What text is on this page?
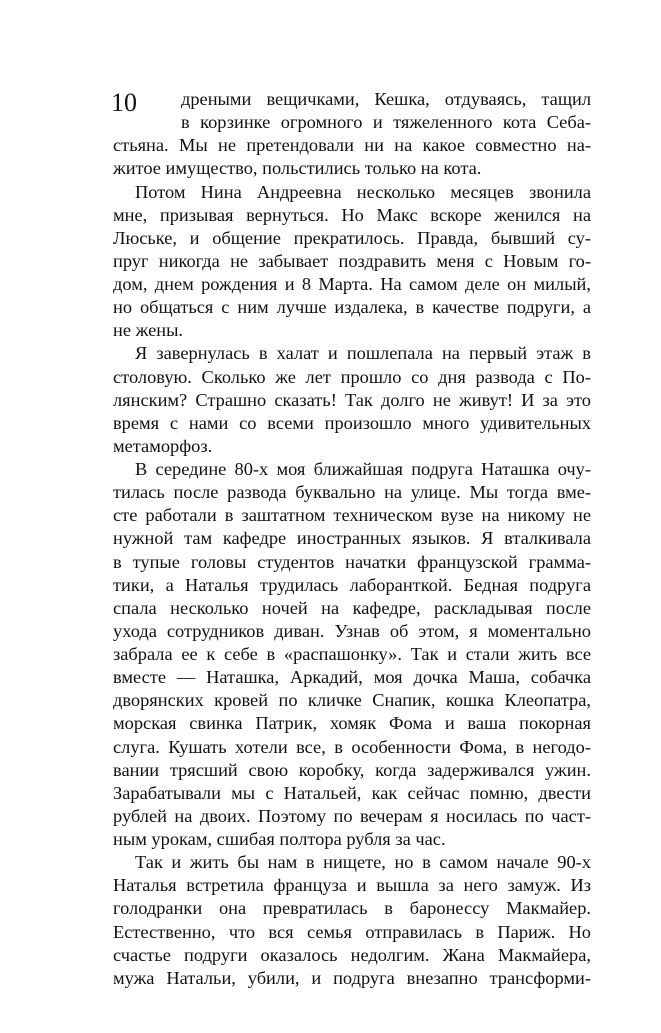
10	дреными вещичками, Кешка, отдуваясь, тащил
в корзинке огромного и тяжеленного кота Себа-
стьяна. Мы не претендовали ни на какое совместно на-
житое имущество, польстились только на кота.
Потом Нина Андреевна несколько месяцев звонила
мне, призывая вернуться. Но Макс вскоре женился на
Люське, и общение прекратилось. Правда, бывший су-
пруг никогда не забывает поздравить меня с Новым го-
дом, днем рождения и 8 Марта. На самом деле он милый,
но общаться с ним лучше издалека, в качестве подруги, а
не жены.
Я завернулась в халат и пошлепала на первый этаж в
столовую. Сколько же лет прошло со дня развода с По-
лянским? Страшно сказать! Так долго не живут! И за это
время с нами со всеми произошло много удивительных
метаморфоз.
В середине 80-х моя ближайшая подруга Наташка очу-
тилась после развода буквально на улице. Мы тогда вме-
сте работали в заштатном техническом вузе на никому не
нужной там кафедре иностранных языков. Я вталкивала
в тупые головы студентов начатки французской грамма-
тики, а Наталья трудилась лаборанткой. Бедная подруга
спала несколько ночей на кафедре, раскладывая после
ухода сотрудников диван. Узнав об этом, я моментально
забрала ее к себе в «распашонку». Так и стали жить все
вместе — Наташка, Аркадий, моя дочка Маша, собачка
дворянских кровей по кличке Снапик, кошка Клеопатра,
морская свинка Патрик, хомяк Фома и ваша покорная
слуга. Кушать хотели все, в особенности Фома, в негодо-
вании трясший свою коробку, когда задерживался ужин.
Зарабатывали мы с Натальей, как сейчас помню, двести
рублей на двоих. Поэтому по вечерам я носилась по част-
ным урокам, сшибая полтора рубля за час.
Так и жить бы нам в нищете, но в самом начале 90-х
Наталья встретила француза и вышла за него замуж. Из
голодранки она превратилась в баронессу Макмайер.
Естественно, что вся семья отправилась в Париж. Но
счастье подруги оказалось недолгим. Жана Макмайера,
мужа Натальи, убили, и подруга внезапно трансформи-
